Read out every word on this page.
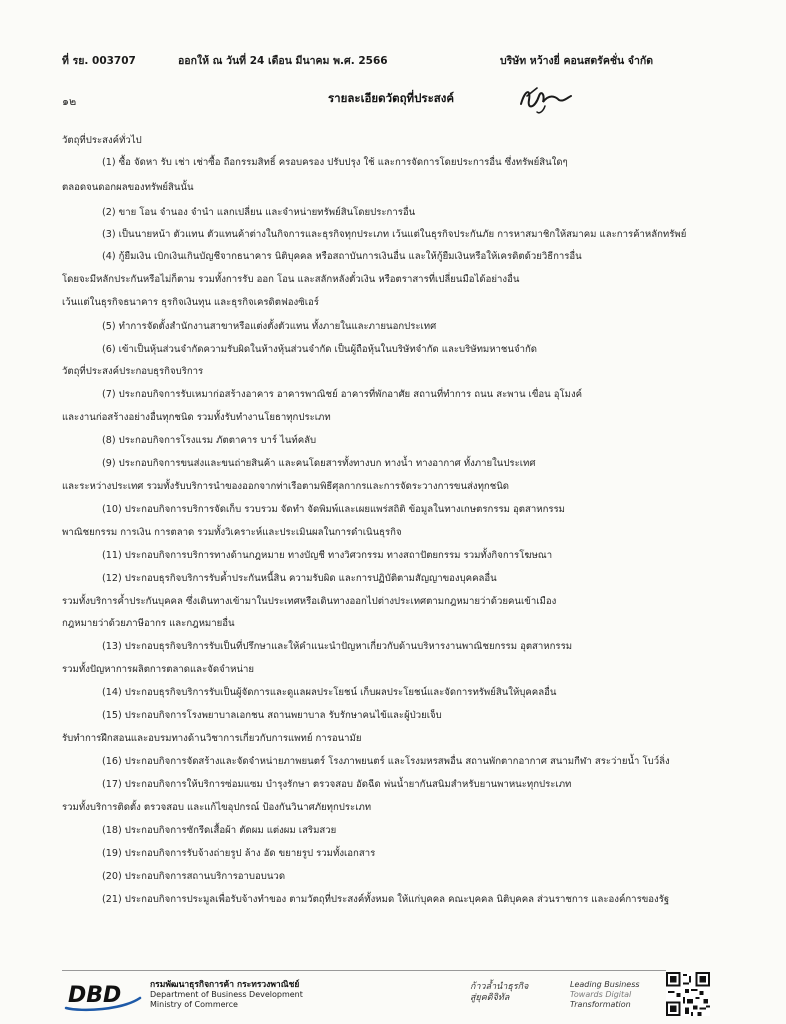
ที่ รย. 003707	ออกให้ ณ วันที่ 24 เดือน มีนาคม พ.ศ. 2566	บริษัท หว้างยี่ คอนสตรัคชั่น จำกัด
๑๒	รายละเอียดวัตถุที่ประสงค์
วัตถุที่ประสงค์ทั่วไป
(1) ซื้อ จัดหา รับ เช่า เช่าซื้อ ถือกรรมสิทธิ์ ครอบครอง ปรับปรุง ใช้ และการจัดการโดยประการอื่น ซึ่งทรัพย์สินใดๆ
ตลอดจนดอกผลของทรัพย์สินนั้น
(2) ขาย โอน จำนอง จำนำ แลกเปลี่ยน และจำหน่ายทรัพย์สินโดยประการอื่น
(3) เป็นนายหน้า ตัวแทน ตัวแทนค้าต่างในกิจการและธุรกิจทุกประเภท เว้นแต่ในธุรกิจประกันภัย การหาสมาชิกให้สมาคม และการค้าหลักทรัพย์
(4) กู้ยืมเงิน เบิกเงินเกินบัญชีจากธนาคาร นิติบุคคล หรือสถาบันการเงินอื่น และให้กู้ยืมเงินหรือให้เครดิตด้วยวิธีการอื่น
โดยจะมีหลักประกันหรือไม่ก็ตาม รวมทั้งการรับ ออก โอน และสลักหลังตั๋วเงิน หรือตราสารที่เปลี่ยนมือได้อย่างอื่น
เว้นแต่ในธุรกิจธนาคาร ธุรกิจเงินทุน และธุรกิจเครดิตฟองซิเอร์
(5) ทำการจัดตั้งสำนักงานสาขาหรือแต่งตั้งตัวแทน ทั้งภายในและภายนอกประเทศ
(6) เข้าเป็นหุ้นส่วนจำกัดความรับผิดในห้างหุ้นส่วนจำกัด เป็นผู้ถือหุ้นในบริษัทจำกัด และบริษัทมหาชนจำกัด
วัตถุที่ประสงค์ประกอบธุรกิจบริการ
(7) ประกอบกิจการรับเหมาก่อสร้างอาคาร อาคารพาณิชย์ อาคารที่พักอาศัย สถานที่ทำการ ถนน สะพาน เขื่อน อุโมงค์
และงานก่อสร้างอย่างอื่นทุกชนิด รวมทั้งรับทำงานโยธาทุกประเภท
(8) ประกอบกิจการโรงแรม ภัตตาคาร บาร์ ไนท์คลับ
(9) ประกอบกิจการขนส่งและขนถ่ายสินค้า และคนโดยสารทั้งทางบก ทางน้ำ ทางอากาศ ทั้งภายในประเทศ
และระหว่างประเทศ รวมทั้งรับบริการนำของออกจากท่าเรือตามพิธีศุลกากรและการจัดระวางการขนส่งทุกชนิด
(10) ประกอบกิจการบริการจัดเก็บ รวบรวม จัดทำ จัดพิมพ์และเผยแพร่สถิติ ข้อมูลในทางเกษตรกรรม อุตสาหกรรม
พาณิชยกรรม การเงิน การตลาด รวมทั้งวิเคราะห์และประเมินผลในการดำเนินธุรกิจ
(11) ประกอบกิจการบริการทางด้านกฎหมาย ทางบัญชี ทางวิศวกรรม ทางสถาปัตยกรรม รวมทั้งกิจการโฆษณา
(12) ประกอบธุรกิจบริการรับค้ำประกันหนี้สิน ความรับผิด และการปฏิบัติตามสัญญาของบุคคลอื่น
รวมทั้งบริการค้ำประกันบุคคล ซึ่งเดินทางเข้ามาในประเทศหรือเดินทางออกไปต่างประเทศตามกฎหมายว่าด้วยคนเข้าเมือง
กฎหมายว่าด้วยภาษีอากร และกฎหมายอื่น
(13) ประกอบธุรกิจบริการรับเป็นที่ปรึกษาและให้คำแนะนำปัญหาเกี่ยวกับด้านบริหารงานพาณิชยกรรม อุตสาหกรรม
รวมทั้งปัญหาการผลิตการตลาดและจัดจำหน่าย
(14) ประกอบธุรกิจบริการรับเป็นผู้จัดการและดูแลผลประโยชน์ เก็บผลประโยชน์และจัดการทรัพย์สินให้บุคคลอื่น
(15) ประกอบกิจการโรงพยาบาลเอกชน สถานพยาบาล รับรักษาคนไข้และผู้ป่วยเจ็บ
รับทำการฝึกสอนและอบรมทางด้านวิชาการเกี่ยวกับการแพทย์ การอนามัย
(16) ประกอบกิจการจัดสร้างและจัดจำหน่ายภาพยนตร์ โรงภาพยนตร์ และโรงมหรสพอื่น สถานพักตากอากาศ สนามกีฬา สระว่ายน้ำ โบว์ลิ่ง
(17) ประกอบกิจการให้บริการซ่อมแซม บำรุงรักษา ตรวจสอบ อัดฉีด พ่นน้ำยากันสนิมสำหรับยานพาหนะทุกประเภท
รวมทั้งบริการติดตั้ง ตรวจสอบ และแก้ไขอุปกรณ์ ป้องกันวินาศภัยทุกประเภท
(18) ประกอบกิจการซักรีดเสื้อผ้า ตัดผม แต่งผม เสริมสวย
(19) ประกอบกิจการรับจ้างถ่ายรูป ล้าง อัด ขยายรูป รวมทั้งเอกสาร
(20) ประกอบกิจการสถานบริการอาบอบนวด
(21) ประกอบกิจการประมูลเพื่อรับจ้างทำของ ตามวัตถุที่ประสงค์ทั้งหมด ให้แก่บุคคล คณะบุคคล นิติบุคคล ส่วนราชการ และองค์การของรัฐ
DBD	กรมพัฒนาธุรกิจการค้า กระทรวงพาณิชย์
Department of Business Development
Ministry of Commerce
ก้าวล้ำนำธุรกิจ
สู่ยุคดิจิทัล
Leading Business
Towards Digital
Transformation
